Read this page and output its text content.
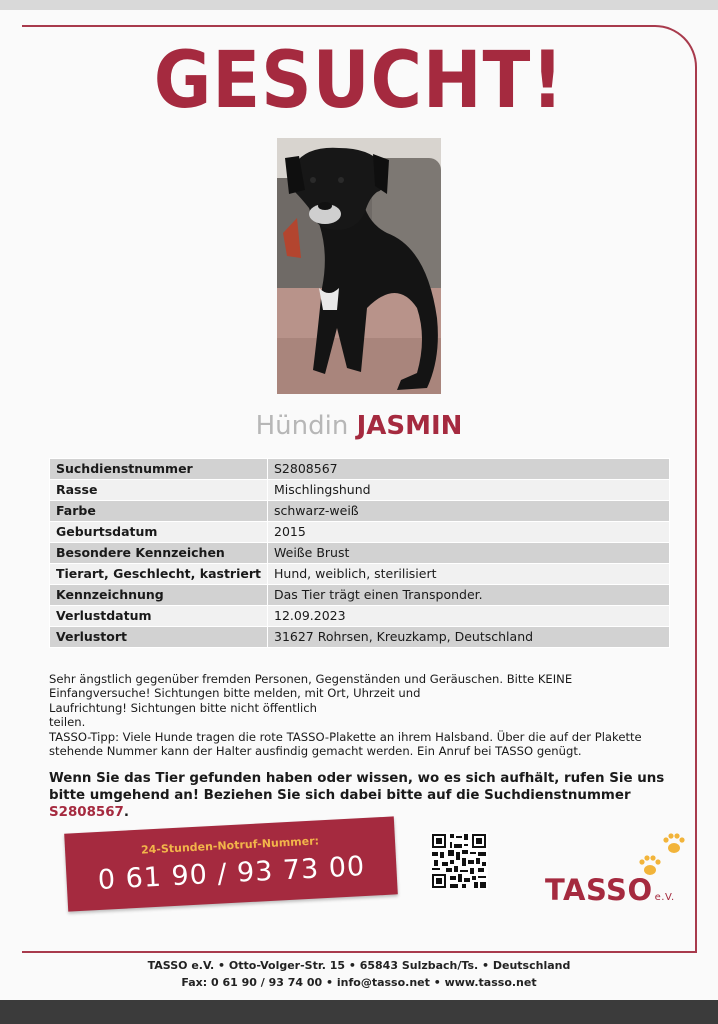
GESUCHT!
Hündin JASMIN
Suchdienstnummer	S2808567
Rasse	Mischlingshund
Farbe	schwarz-weiß
Geburtsdatum	2015
Besondere Kennzeichen	Weiße Brust
Tierart, Geschlecht, kastriert	Hund, weiblich, sterilisiert
Kennzeichnung	Das Tier trägt einen Transponder.
Verlustdatum	12.09.2023
Verlustort	31627 Rohrsen, Kreuzkamp, Deutschland

Sehr ängstlich gegenüber fremden Personen, Gegenständen und Geräuschen. Bitte KEINE

Einfangversuche! Sichtungen bitte melden, mit Ort, Uhrzeit und

Laufrichtung! Sichtungen bitte nicht öffentlich

teilen.

TASSO-Tipp: Viele Hunde tragen die rote TASSO-Plakette an ihrem Halsband. Über die auf der Plakette stehende Nummer kann der Halter ausfindig gemacht werden. Ein Anruf bei TASSO genügt.

Wenn Sie das Tier gefunden haben oder wissen, wo es sich aufhält, rufen Sie uns bitte umgehend an! Beziehen Sie sich dabei bitte auf die Suchdienstnummer S2808567.
24-Stunden-Notruf-Nummer:
0 61 90 / 93 73 00	TASSO e.V.
TASSO e.V. • Otto-Volger-Str. 15 • 65843 Sulzbach/Ts. • Deutschland
Fax: 0 61 90 / 93 74 00 • info@tasso.net • www.tasso.net
